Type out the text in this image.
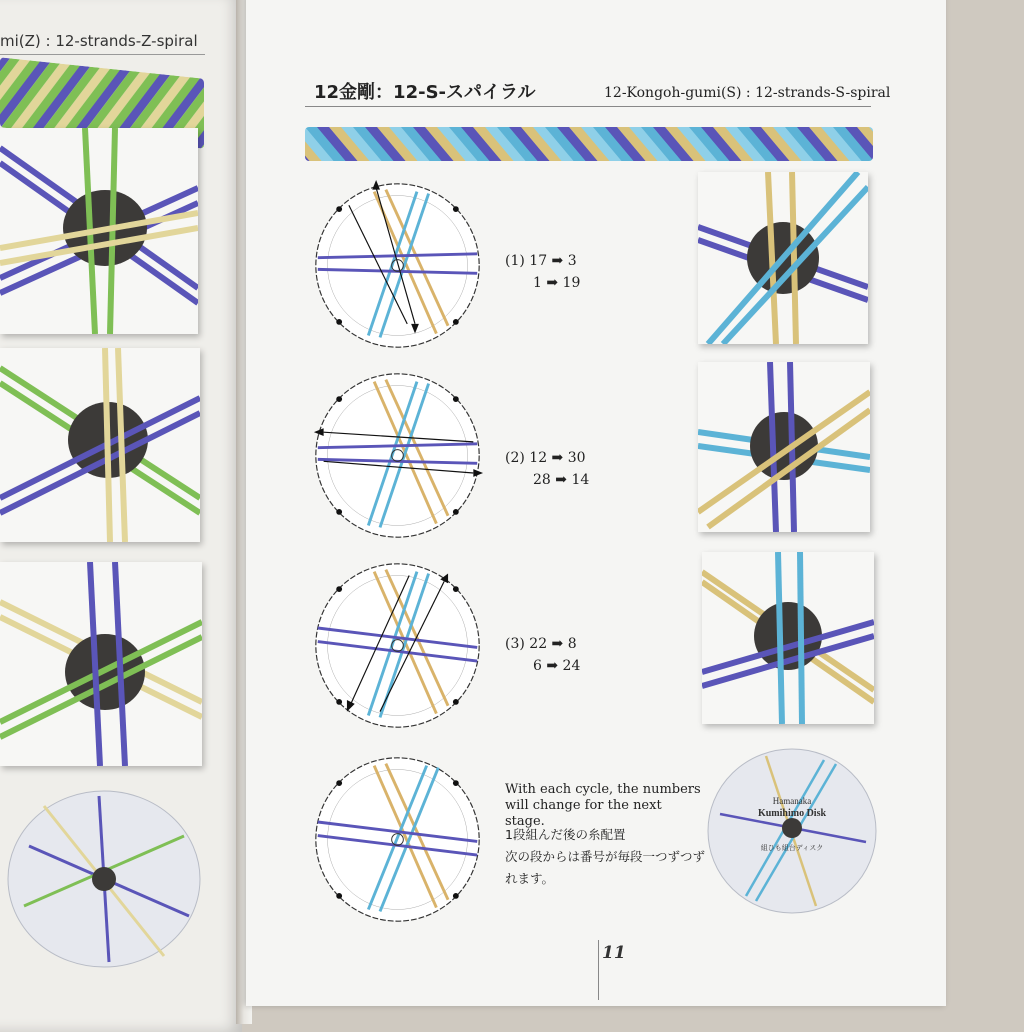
mi(Z) : 12-strands-Z-spiral
12金剛：12-S-スパイラル	12-Kongoh-gumi(S) : 12-strands-S-spiral
(1) 17 ➡ 3
1 ➡ 19
(2) 12 ➡ 30
28 ➡ 14
(3) 22 ➡ 8
6 ➡ 24
With each cycle, the numbers will change for the next stage.
1段組んだ後の糸配置
次の段からは番号が毎段一つずつずれます。
Hamanaka
Kumihimo Disk
組ひも組台ディスク
11
